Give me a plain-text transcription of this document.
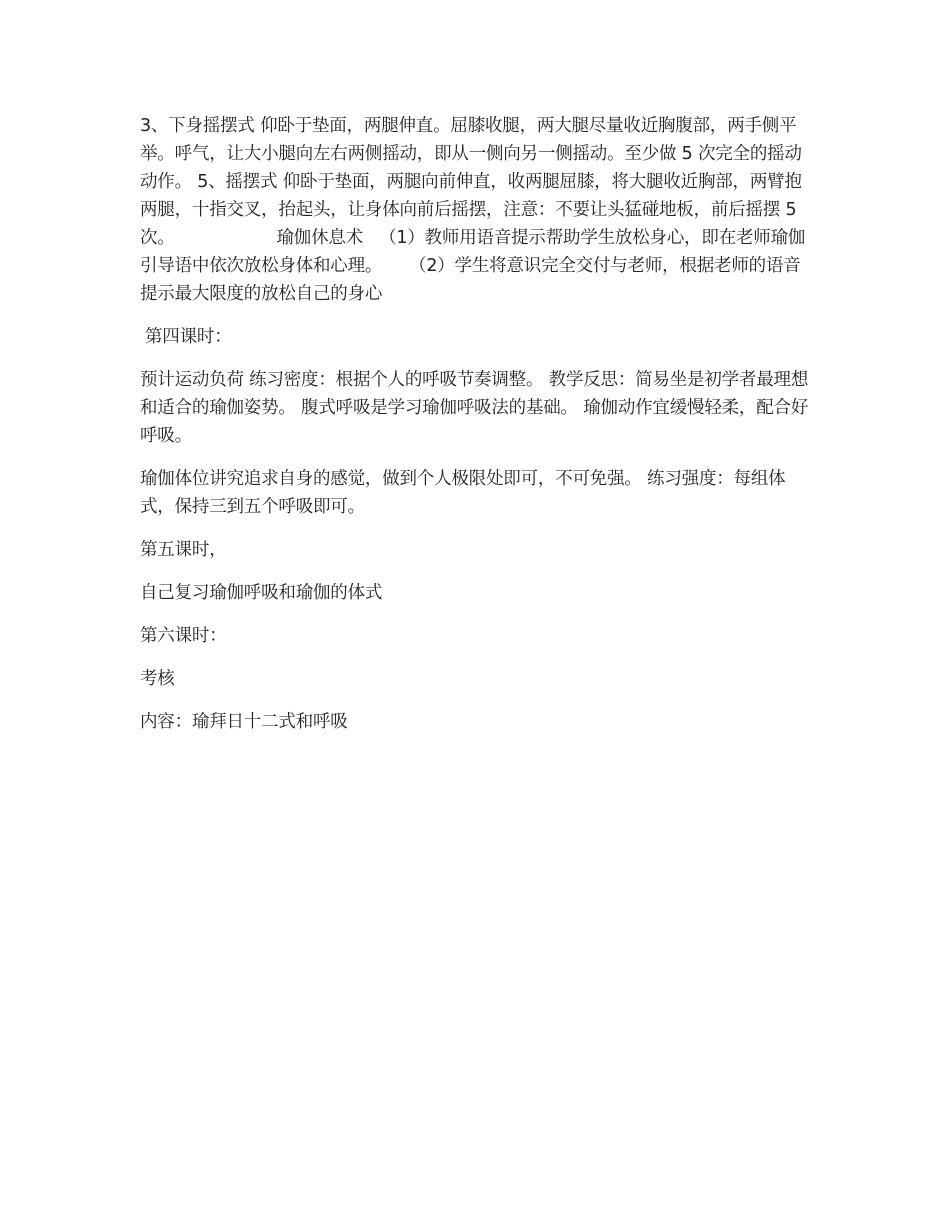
3、下身摇摆式 仰卧于垫面，两腿伸直。屈膝收腿，两大腿尽量收近胸腹部，两手侧平举。呼气，让大小腿向左右两侧摇动，即从一侧向另一侧摇动。至少做 5 次完全的摇动动作。 5、摇摆式 仰卧于垫面，两腿向前伸直，收两腿屈膝，将大腿收近胸部，两臂抱两腿，十指交叉，抬起头，让身体向前后摇摆，注意：不要让头猛碰地板，前后摇摆 5 次。                   瑜伽休息术   （1）教师用语音提示帮助学生放松身心，即在老师瑜伽引导语中依次放松身体和心理。     （2）学生将意识完全交付与老师，根据老师的语音提示最大限度的放松自己的身心

第四课时：

预计运动负荷 练习密度：根据个人的呼吸节奏调整。 教学反思：简易坐是初学者最理想和适合的瑜伽姿势。 腹式呼吸是学习瑜伽呼吸法的基础。 瑜伽动作宜缓慢轻柔，配合好呼吸。

瑜伽体位讲究追求自身的感觉，做到个人极限处即可，不可免强。 练习强度：每组体式，保持三到五个呼吸即可。

第五课时，

自己复习瑜伽呼吸和瑜伽的体式

第六课时：

考核

内容：瑜拜日十二式和呼吸
